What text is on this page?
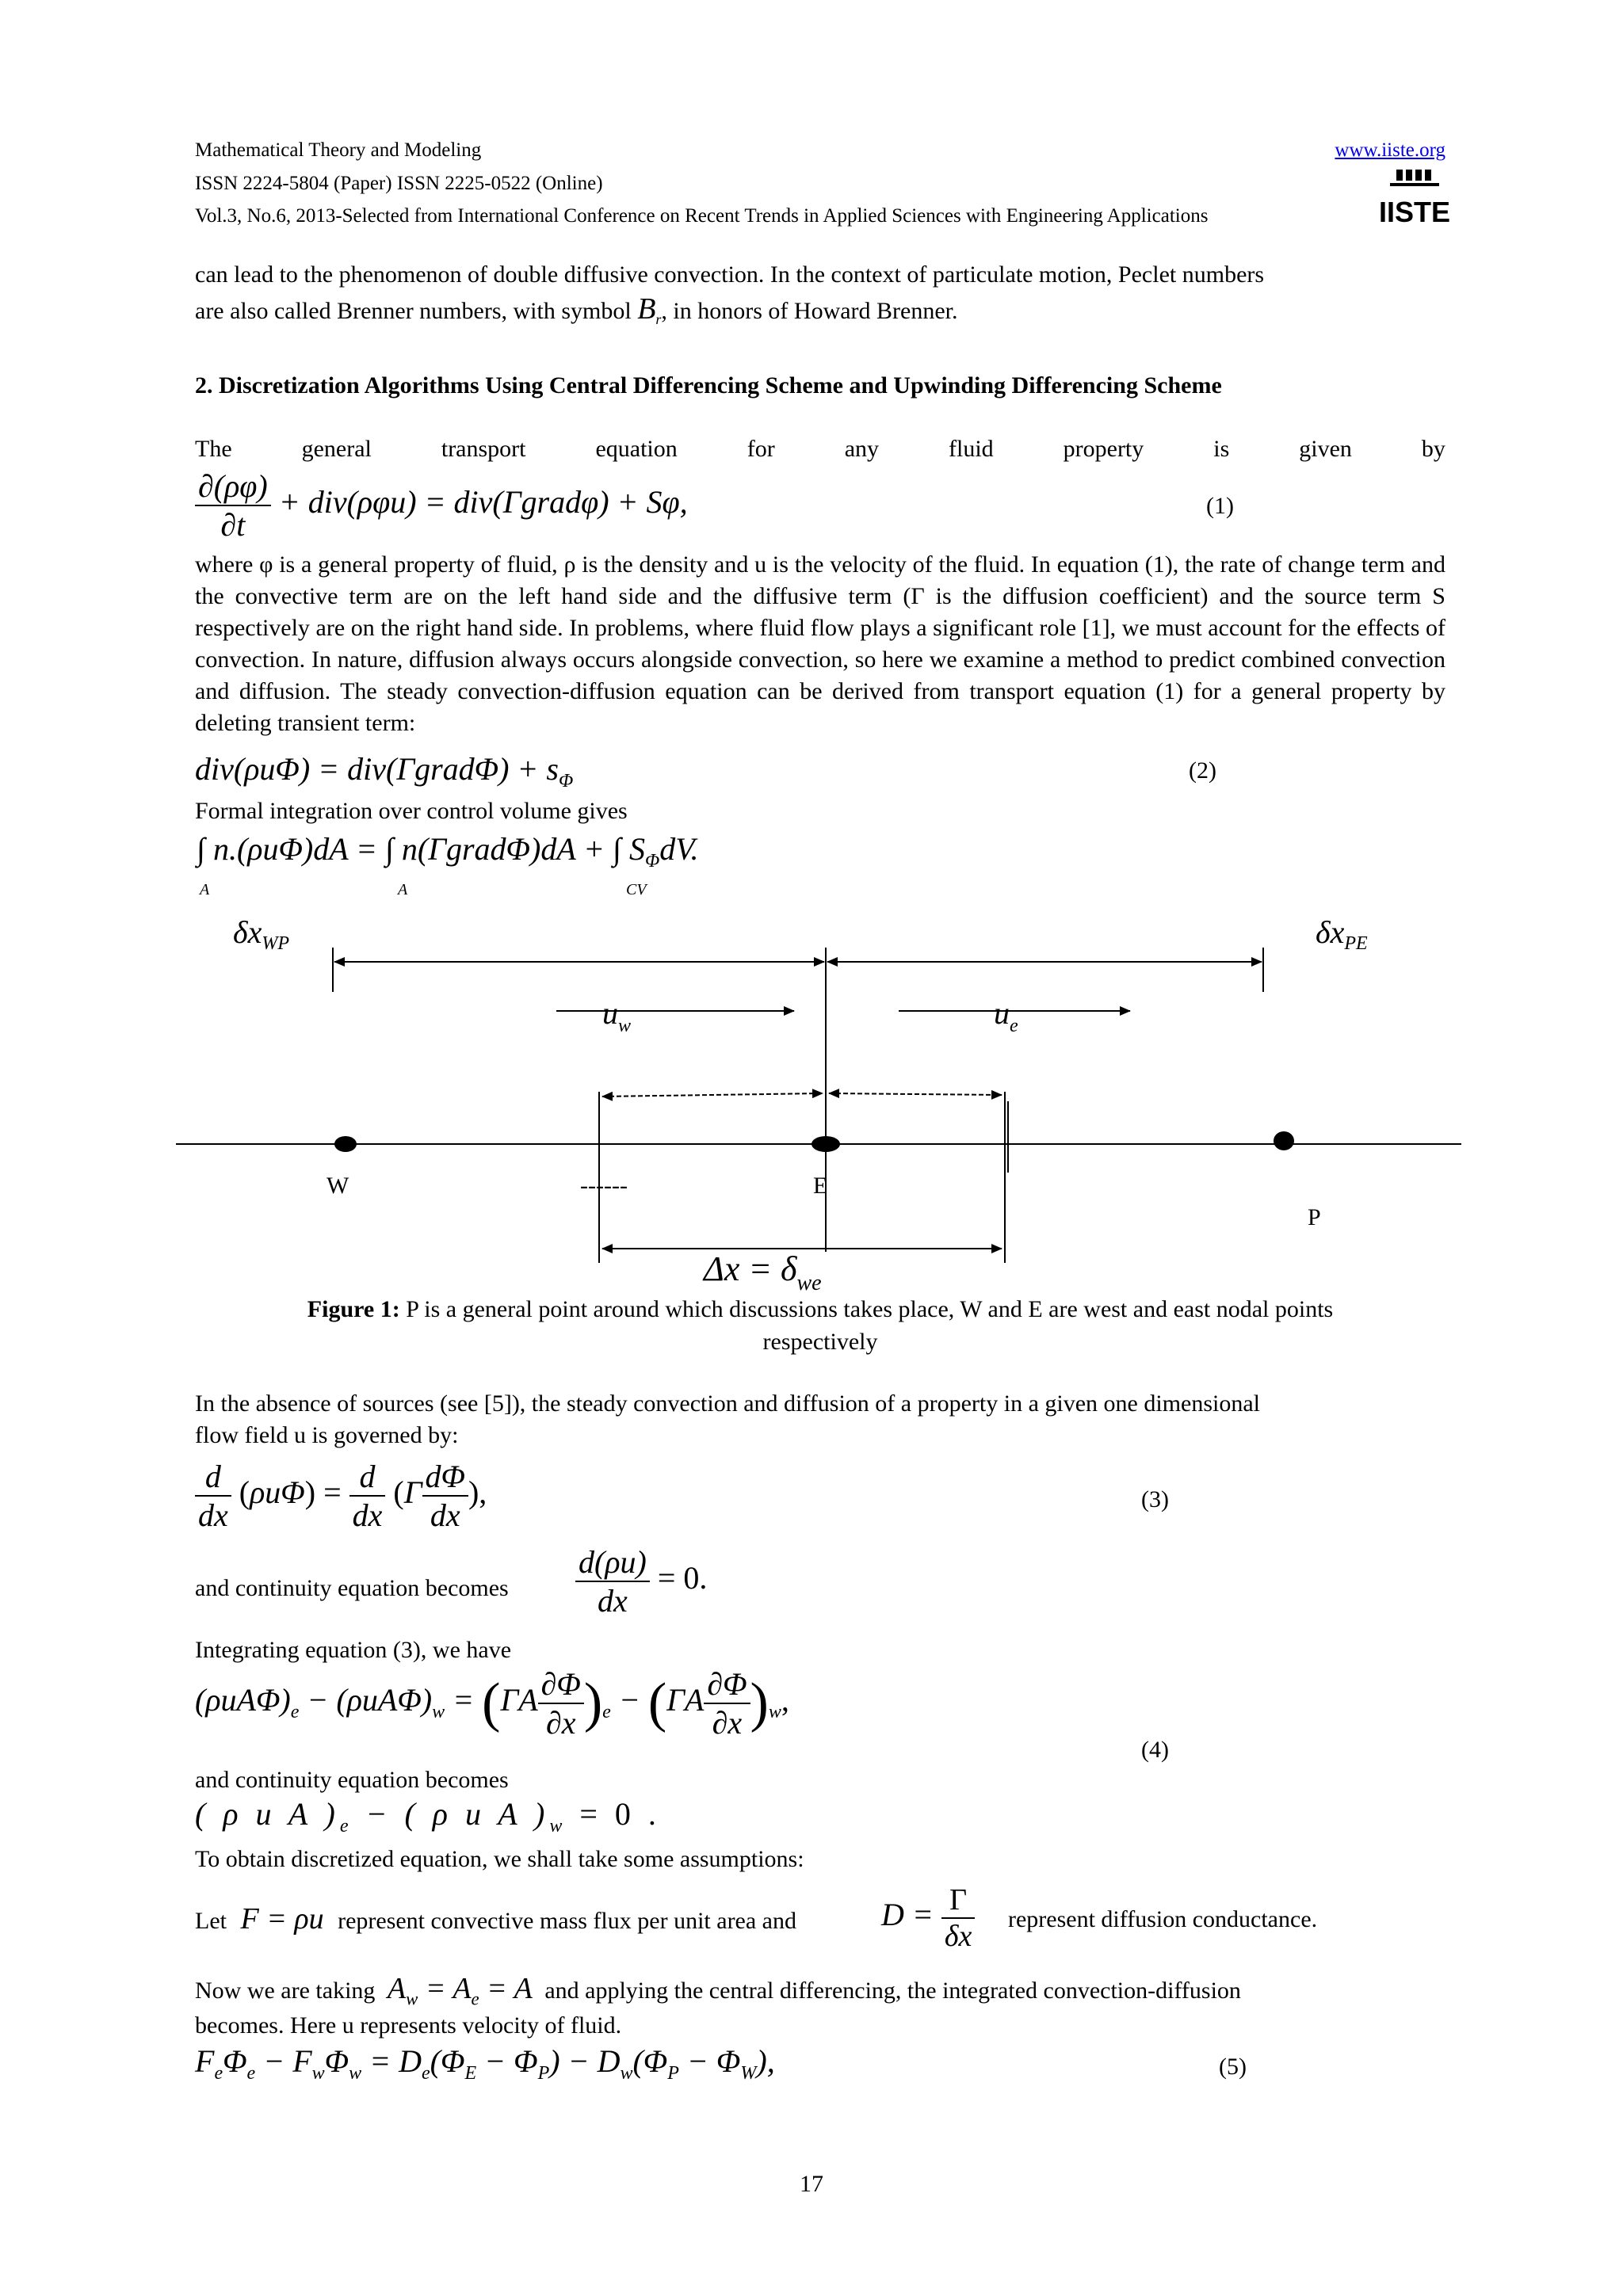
Mathematical Theory and Modeling	www.iiste.org
ISSN 2224-5804 (Paper) ISSN 2225-0522 (Online)
Vol.3, No.6, 2013-Selected from International Conference on Recent Trends in Applied Sciences with Engineering Applications	IISTE
can lead to the phenomenon of double diffusive convection. In the context of particulate motion, Peclet numbers
are also called Brenner numbers, with symbol $B_r$, in honors of Howard Brenner.
2. Discretization Algorithms Using Central Differencing Scheme and Upwinding Differencing Scheme
The	general	transport	equation	for	any	fluid	property	is	given	by
$\frac{\partial(\rho\varphi)}{\partial t} + div(\rho\varphi u)$ = div(Γgradφ) + Sφ,	(1)
where φ is a general property of fluid, ρ is the density and u is the velocity of the fluid. In equation (1), the rate of change term and the convective term are on the left hand side and the diffusive term (Γ is the diffusion coefficient) and the source term S respectively are on the right hand side. In problems, where fluid flow plays a significant role [1], we must account for the effects of convection. In nature, diffusion always occurs alongside convection, so here we examine a method to predict combined convection and diffusion. The steady convection-diffusion equation can be derived from transport equation (1) for a general property by deleting transient term:
div(ρuΦ) = div(ΓgradΦ) + $s_\Phi$	(2)
Formal integration over control volume gives
∫ n.(ρuΦ)dA = ∫ n(ΓgradΦ)dA + ∫ $S_\Phi dV$.
A	A	CV
$\delta x_{WP}$	$\delta x_{PE}$
$u_w$	$u_e$
W	------	E
P
$\Delta x = \delta_{we}$
Figure 1: P is a general point around which discussions takes place, W and E are west and east nodal points
respectively
In the absence of sources (see [5]), the steady convection and diffusion of a property in a given one dimensional
flow field u is governed by:
$\frac{d}{dx} (\rho u\Phi) = \frac{d}{dx} (\Gamma \frac{d\Phi}{dx}$ ),	(3)
and continuity equation becomes $\frac{d(\rho u)}{dx} = 0$.
Integrating equation (3), we have
$(\rho uA\Phi)_e - (\rho uA\Phi)_w = (\Gamma A \frac{\partial\Phi}{\partial x} )_e - (\Gamma A \frac{\partial\Phi}{\partial x} )_w$,
(4)
and continuity equation becomes
( ρ u A )$_e$ − ( ρ u A )$_w = 0$ .
To obtain discretized equation, we shall take some assumptions:
Let F = ρu represent convective mass flux per unit area and	$D = \frac{\Gamma}{\delta x}$ represent diffusion conductance.
Now we are taking $A_w = A_e = A$ and applying the central differencing, the integrated convection-diffusion
becomes. Here u represents velocity of fluid.
$F_e\Phi_e - F_w\Phi_w = D_e(\Phi_E - \Phi_P) - D_w(\Phi_P - \Phi_W)$,	(5)
17
